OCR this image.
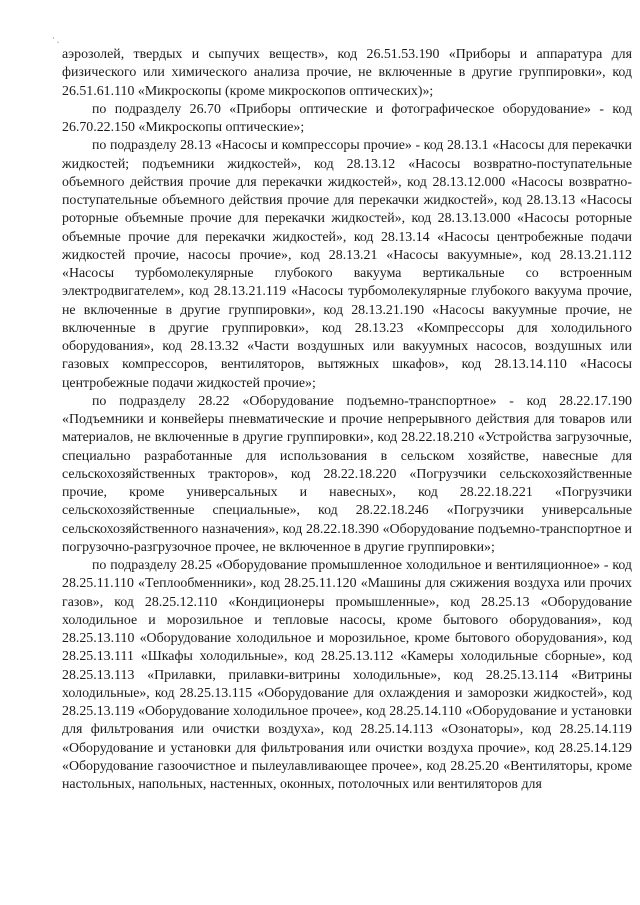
· ˏ

аэрозолей, твердых и сыпучих веществ», код 26.51.53.190 «Приборы и аппаратура для физического или химического анализа прочие, не включенные в другие группировки», код 26.51.61.110 «Микроскопы (кроме микроскопов оптических)»;

по подразделу 26.70 «Приборы оптические и фотографическое оборудование» - код 26.70.22.150 «Микроскопы оптические»;

по подразделу 28.13 «Насосы и компрессоры прочие» - код 28.13.1 «Насосы для перекачки жидкостей; подъемники жидкостей», код 28.13.12 «Насосы возвратно-поступательные объемного действия прочие для перекачки жидкостей», код 28.13.12.000 «Насосы возвратно-поступательные объемного действия прочие для перекачки жидкостей», код 28.13.13 «Насосы роторные объемные прочие для перекачки жидкостей», код 28.13.13.000 «Насосы роторные объемные прочие для перекачки жидкостей», код 28.13.14 «Насосы центробежные подачи жидкостей прочие, насосы прочие», код 28.13.21 «Насосы вакуумные», код 28.13.21.112 «Насосы турбомолекулярные глубокого вакуума вертикальные со встроенным электродвигателем», код 28.13.21.119 «Насосы турбомолекулярные глубокого вакуума прочие, не включенные в другие группировки», код 28.13.21.190 «Насосы вакуумные прочие, не включенные в другие группировки», код 28.13.23 «Компрессоры для холодильного оборудования», код 28.13.32 «Части воздушных или вакуумных насосов, воздушных или газовых компрессоров, вентиляторов, вытяжных шкафов», код 28.13.14.110 «Насосы центробежные подачи жидкостей прочие»;

по подразделу 28.22 «Оборудование подъемно-транспортное» - код 28.22.17.190 «Подъемники и конвейеры пневматические и прочие непрерывного действия для товаров или материалов, не включенные в другие группировки», код 28.22.18.210 «Устройства загрузочные, специально разработанные для использования в сельском хозяйстве, навесные для сельскохозяйственных тракторов», код 28.22.18.220 «Погрузчики сельскохозяйственные прочие, кроме универсальных и навесных», код 28.22.18.221 «Погрузчики сельскохозяйственные специальные», код 28.22.18.246 «Погрузчики универсальные сельскохозяйственного назначения», код 28.22.18.390 «Оборудование подъемно-транспортное и погрузочно-разгрузочное прочее, не включенное в другие группировки»;

по подразделу 28.25 «Оборудование промышленное холодильное и вентиляционное» - код 28.25.11.110 «Теплообменники», код 28.25.11.120 «Машины для сжижения воздуха или прочих газов», код 28.25.12.110 «Кондиционеры промышленные», код 28.25.13 «Оборудование холодильное и морозильное и тепловые насосы, кроме бытового оборудования», код 28.25.13.110 «Оборудование холодильное и морозильное, кроме бытового оборудования», код 28.25.13.111 «Шкафы холодильные», код 28.25.13.112 «Камеры холодильные сборные», код 28.25.13.113 «Прилавки, прилавки-витрины холодильные», код 28.25.13.114 «Витрины холодильные», код 28.25.13.115 «Оборудование для охлаждения и заморозки жидкостей», код 28.25.13.119 «Оборудование холодильное прочее», код 28.25.14.110 «Оборудование и установки для фильтрования или очистки воздуха», код 28.25.14.113 «Озонаторы», код 28.25.14.119 «Оборудование и установки для фильтрования или очистки воздуха прочие», код 28.25.14.129 «Оборудование газоочистное и пылеулавливающее прочее», код 28.25.20 «Вентиляторы, кроме настольных, напольных, настенных, оконных, потолочных или вентиляторов для
